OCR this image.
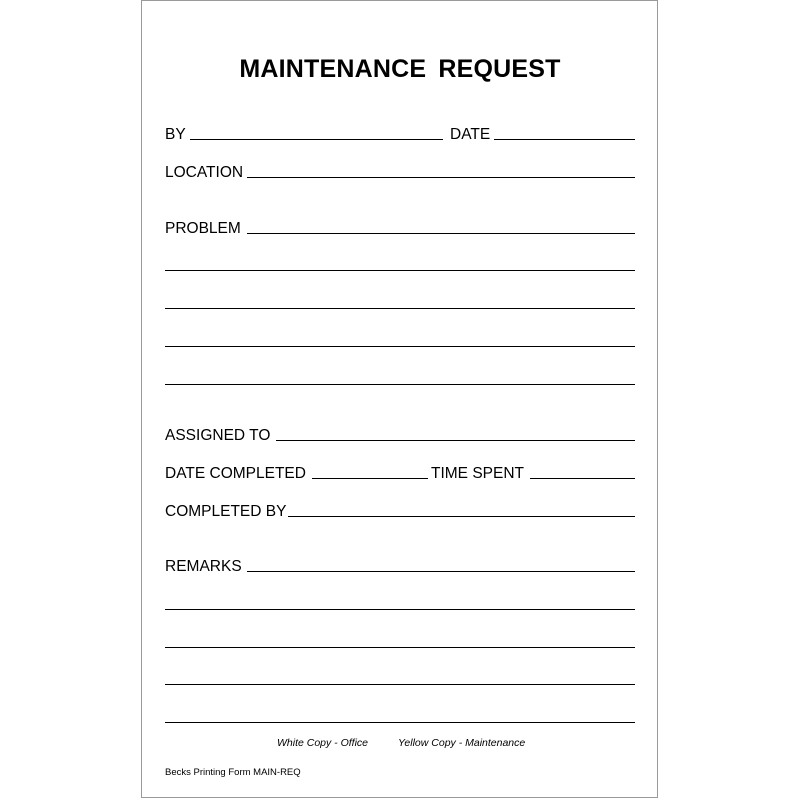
MAINTENANCE REQUEST
BY	DATE
LOCATION
PROBLEM
ASSIGNED TO
DATE COMPLETED	TIME SPENT
COMPLETED BY
REMARKS
White Copy - Office	Yellow Copy - Maintenance
Becks Printing Form MAIN-REQ
